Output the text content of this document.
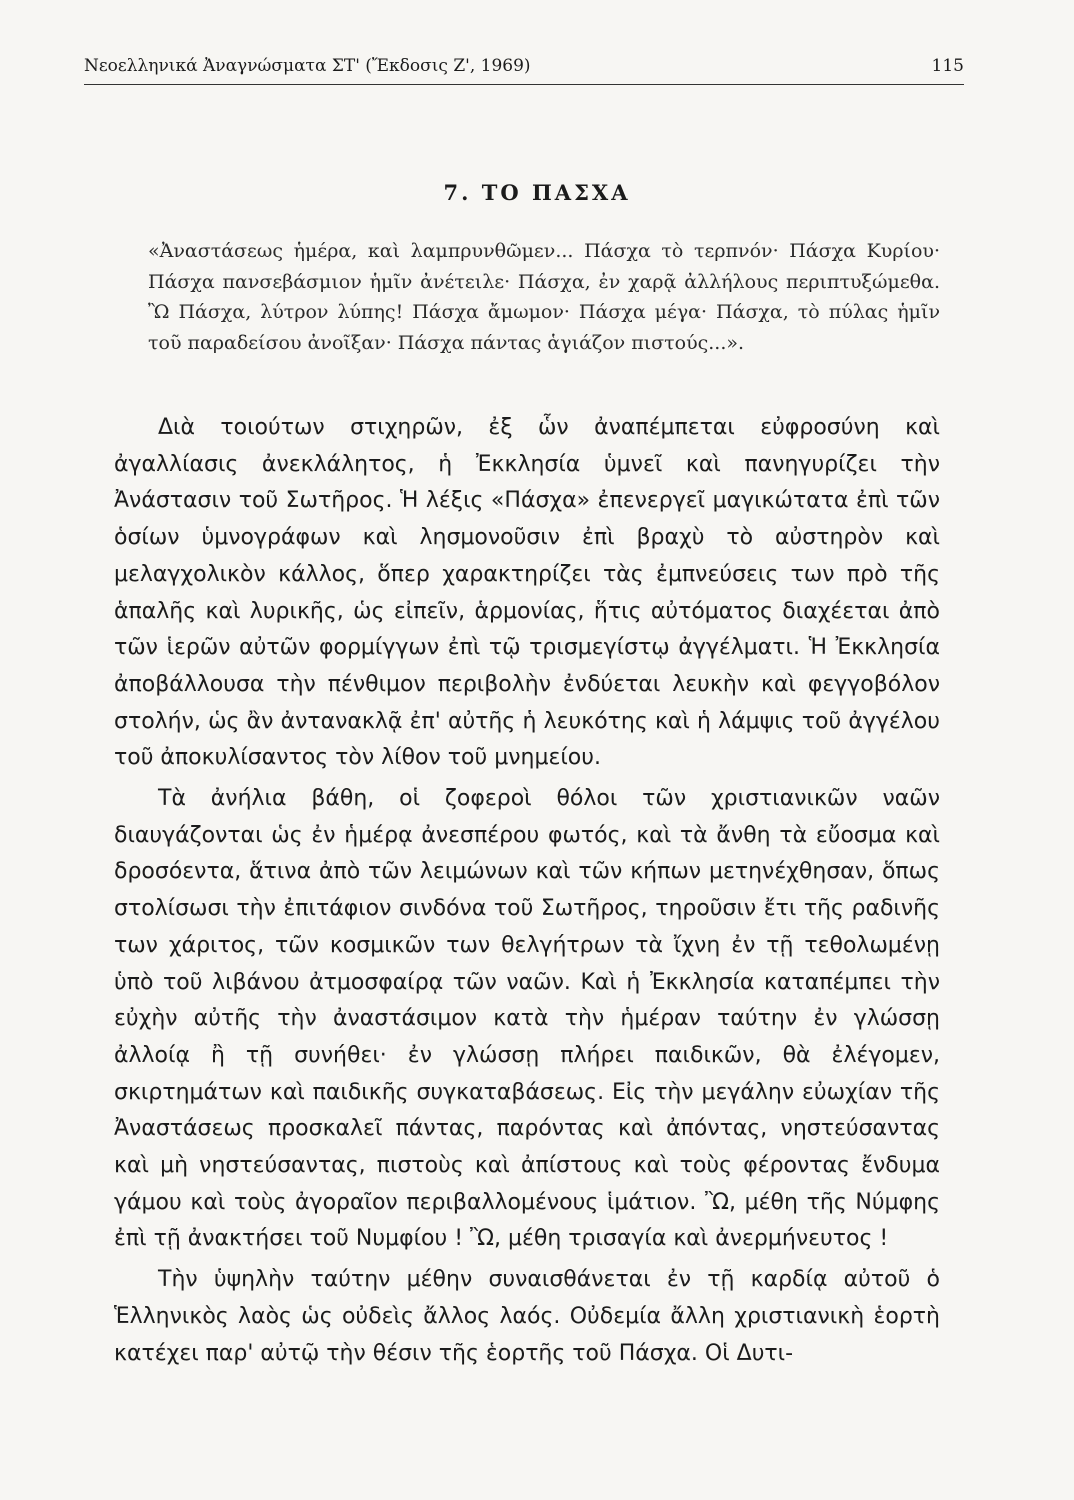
Νεοελληνικά Ἀναγνώσματα ΣΤ' (Ἔκδοσις Ζ', 1969)	115
7. ΤΟ ΠΑΣΧΑ
«Ἀναστάσεως ἡμέρα, καὶ λαμπρυνθῶμεν... Πάσχα τὸ τερπνόν· Πάσχα Κυρίου· Πάσχα πανσεβάσμιον ἡμῖν ἀνέτειλε· Πάσχα, ἐν χαρᾷ ἀλλήλους περιπτυξώμεθα. Ὢ Πάσχα, λύτρον λύπης! Πάσχα ἄμωμον· Πάσχα μέγα· Πάσχα, τὸ πύλας ἡμῖν τοῦ παραδείσου ἀνοῖξαν· Πάσχα πάντας ἁγιάζον πιστούς...».

Διὰ τοιούτων στιχηρῶν, ἐξ ὧν ἀναπέμπεται εὐφροσύνη καὶ ἀγαλλίασις ἀνεκλάλητος, ἡ Ἐκκλησία ὑμνεῖ καὶ πανηγυρίζει τὴν Ἀνάστασιν τοῦ Σωτῆρος. Ἡ λέξις «Πάσχα» ἐπενεργεῖ μαγικώτατα ἐπὶ τῶν ὁσίων ὑμνογράφων καὶ λησμονοῦσιν ἐπὶ βραχὺ τὸ αὐστηρὸν καὶ μελαγχολικὸν κάλλος, ὅπερ χαρακτηρίζει τὰς ἐμπνεύσεις των πρὸ τῆς ἁπαλῆς καὶ λυρικῆς, ὡς εἰπεῖν, ἁρμονίας, ἥτις αὐτόματος διαχέεται ἀπὸ τῶν ἱερῶν αὐτῶν φορμίγγων ἐπὶ τῷ τρισμεγίστῳ ἀγγέλματι. Ἡ Ἐκκλησία ἀποβάλλουσα τὴν πένθιμον περιβολὴν ἐνδύεται λευκὴν καὶ φεγγοβόλον στολήν, ὡς ἂν ἀντανακλᾷ ἐπ' αὐτῆς ἡ λευκότης καὶ ἡ λάμψις τοῦ ἀγγέλου τοῦ ἀποκυλίσαντος τὸν λίθον τοῦ μνημείου.

Τὰ ἀνήλια βάθη, οἱ ζοφεροὶ θόλοι τῶν χριστιανικῶν ναῶν διαυγάζονται ὡς ἐν ἡμέρᾳ ἀνεσπέρου φωτός, καὶ τὰ ἄνθη τὰ εὔοσμα καὶ δροσόεντα, ἅτινα ἀπὸ τῶν λειμώνων καὶ τῶν κήπων μετηνέχθησαν, ὅπως στολίσωσι τὴν ἐπιτάφιον σινδόνα τοῦ Σωτῆρος, τηροῦσιν ἔτι τῆς ραδινῆς των χάριτος, τῶν κοσμικῶν των θελγήτρων τὰ ἴχνη ἐν τῇ τεθολωμένῃ ὑπὸ τοῦ λιβάνου ἀτμοσφαίρᾳ τῶν ναῶν. Καὶ ἡ Ἐκκλησία καταπέμπει τὴν εὐχὴν αὐτῆς τὴν ἀναστάσιμον κατὰ τὴν ἡμέραν ταύτην ἐν γλώσσῃ ἀλλοίᾳ ἢ τῇ συνήθει· ἐν γλώσσῃ πλήρει παιδικῶν, θὰ ἐλέγομεν, σκιρτημάτων καὶ παιδικῆς συγκαταβάσεως. Εἰς τὴν μεγάλην εὐωχίαν τῆς Ἀναστάσεως προσκαλεῖ πάντας, παρόντας καὶ ἀπόντας, νηστεύσαντας καὶ μὴ νηστεύσαντας, πιστοὺς καὶ ἀπίστους καὶ τοὺς φέροντας ἔνδυμα γάμου καὶ τοὺς ἀγοραῖον περιβαλλομένους ἱμάτιον. Ὢ, μέθη τῆς Νύμφης ἐπὶ τῇ ἀνακτήσει τοῦ Νυμφίου ! Ὢ, μέθη τρισαγία καὶ ἀνερμήνευτος !

Τὴν ὑψηλὴν ταύτην μέθην συναισθάνεται ἐν τῇ καρδίᾳ αὐτοῦ ὁ Ἑλληνικὸς λαὸς ὡς οὐδεὶς ἄλλος λαός. Οὐδεμία ἄλλη χριστιανικὴ ἑορτὴ κατέχει παρ' αὐτῷ τὴν θέσιν τῆς ἑορτῆς τοῦ Πάσχα. Οἱ Δυτι-
